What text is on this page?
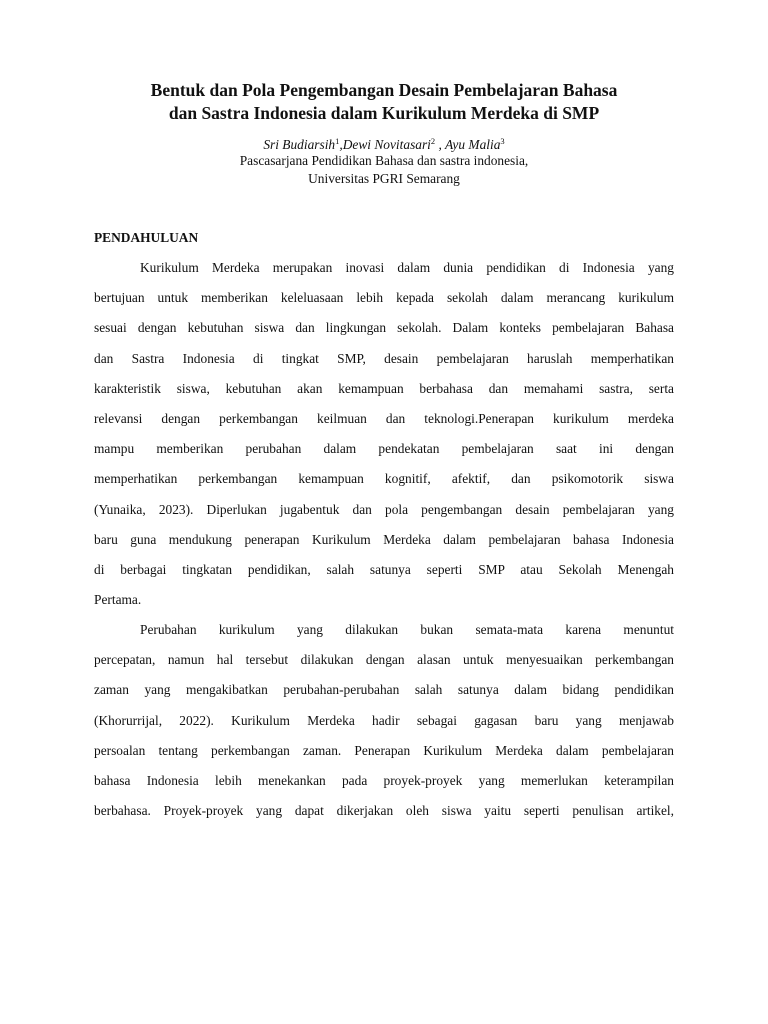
Bentuk dan Pola Pengembangan Desain Pembelajaran Bahasa
dan Sastra Indonesia dalam Kurikulum Merdeka di SMP
Sri Budiarsih$^1$,Dewi Novitasari$^2$ , Ayu Malia$^3$
Pascasarjana Pendidikan Bahasa dan sastra indonesia,
Universitas PGRI Semarang
PENDAHULUAN
Kurikulum Merdeka merupakan inovasi dalam dunia pendidikan di Indonesia yang
bertujuan untuk memberikan keleluasaan lebih kepada sekolah dalam merancang kurikulum
sesuai dengan kebutuhan siswa dan lingkungan sekolah. Dalam konteks pembelajaran Bahasa
dan Sastra Indonesia di tingkat SMP, desain pembelajaran haruslah memperhatikan
karakteristik siswa, kebutuhan akan kemampuan berbahasa dan memahami sastra, serta
relevansi dengan perkembangan keilmuan dan teknologi.Penerapan kurikulum merdeka
mampu memberikan perubahan dalam pendekatan pembelajaran saat ini dengan
memperhatikan perkembangan kemampuan kognitif, afektif, dan psikomotorik siswa
(Yunaika, 2023). Diperlukan jugabentuk dan pola pengembangan desain pembelajaran yang
baru guna mendukung penerapan Kurikulum Merdeka dalam pembelajaran bahasa Indonesia
di berbagai tingkatan pendidikan, salah satunya seperti SMP atau Sekolah Menengah
Pertama.
Perubahan kurikulum yang dilakukan bukan semata-mata karena menuntut
percepatan, namun hal tersebut dilakukan dengan alasan untuk menyesuaikan perkembangan
zaman yang mengakibatkan perubahan-perubahan salah satunya dalam bidang pendidikan
(Khorurrijal, 2022). Kurikulum Merdeka hadir sebagai gagasan baru yang menjawab
persoalan tentang perkembangan zaman. Penerapan Kurikulum Merdeka dalam pembelajaran
bahasa Indonesia lebih menekankan pada proyek-proyek yang memerlukan keterampilan
berbahasa. Proyek-proyek yang dapat dikerjakan oleh siswa yaitu seperti penulisan artikel,
